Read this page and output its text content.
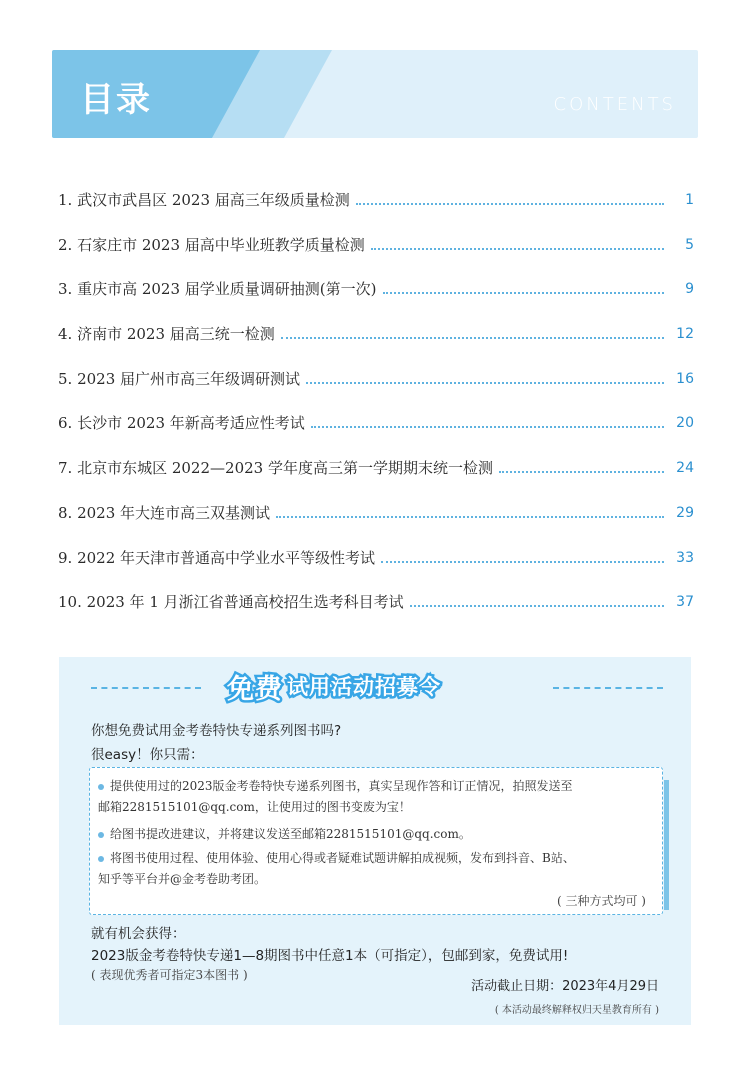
目录	CONTENTS
1. 武汉市武昌区 2023 届高三年级质量检测	1
2. 石家庄市 2023 届高中毕业班教学质量检测	5
3. 重庆市高 2023 届学业质量调研抽测(第一次)	9
4. 济南市 2023 届高三统一检测	12
5. 2023 届广州市高三年级调研测试	16
6. 长沙市 2023 年新高考适应性考试	20
7. 北京市东城区 2022—2023 学年度高三第一学期期末统一检测	24
8. 2023 年大连市高三双基测试	29
9. 2022 年天津市普通高中学业水平等级性考试	33
10. 2023 年 1 月浙江省普通高校招生选考科目考试	37
免费 试用活动招募令
你想免费试用金考卷特快专递系列图书吗?
很easy！你只需：
提供使用过的2023版金考卷特快专递系列图书，真实呈现作答和订正情况，拍照发送至
邮箱2281515101@qq.com，让使用过的图书变废为宝！
给图书提改进建议，并将建议发送至邮箱2281515101@qq.com。
将图书使用过程、使用体验、使用心得或者疑难试题讲解拍成视频，发布到抖音、B站、
知乎等平台并@金考卷助考团。
( 三种方式均可 )
就有机会获得：
2023版金考卷特快专递1—8期图书中任意1本（可指定），包邮到家，免费试用!
( 表现优秀者可指定3本图书 )
活动截止日期：2023年4月29日
( 本活动最终解释权归天星教育所有 )
